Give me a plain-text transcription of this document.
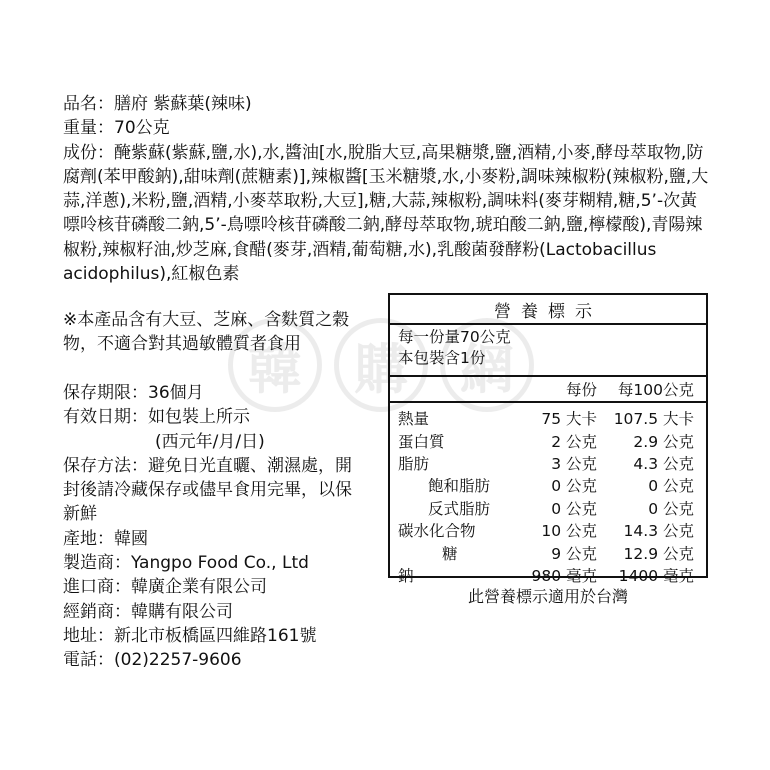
韓 購 網
品名：膳府 紫蘇葉(辣味)
重量：70公克
成份：醃紫蘇(紫蘇,鹽,水),水,醬油[水,脫脂大豆,高果糖漿,鹽,酒精,小麥,酵母萃取物,防腐劑(苯甲酸鈉),甜味劑(蔗糖素)],辣椒醬[玉米糖漿,水,小麥粉,調味辣椒粉(辣椒粉,鹽,大蒜,洋蔥),米粉,鹽,酒精,小麥萃取粉,大豆],糖,大蒜,辣椒粉,調味料(麥芽糊精,糖,5’-次黃嘌呤核苷磷酸二鈉,5’-鳥嘌呤核苷磷酸二鈉,酵母萃取物,琥珀酸二鈉,鹽,檸檬酸),青陽辣椒粉,辣椒籽油,炒芝麻,食醋(麥芽,酒精,葡萄糖,水),乳酸菌發酵粉(Lactobacillus acidophilus),紅椒色素
※本產品含有大豆、芝麻、含麩質之穀物，不適合對其過敏體質者食用
保存期限：36個月
有效日期：如包裝上所示
(西元年/月/日)
保存方法：避免日光直曬、潮濕處，開封後請冷藏保存或儘早食用完畢，以保新鮮
產地：韓國
製造商：Yangpo Food Co., Ltd
進口商：韓廣企業有限公司
經銷商：韓購有限公司
地址：新北市板橋區四維路161號
電話：(02)2257-9606
營養標示
每一份量70公克
本包裝含1份
每份	每100公克
熱量	75 大卡	107.5 大卡
蛋白質	2 公克	2.9 公克
脂肪	3 公克	4.3 公克
飽和脂肪	0 公克	0 公克
反式脂肪	0 公克	0 公克
碳水化合物	10 公克	14.3 公克
糖	9 公克	12.9 公克
鈉	980 毫克	1400 毫克
此營養標示適用於台灣
